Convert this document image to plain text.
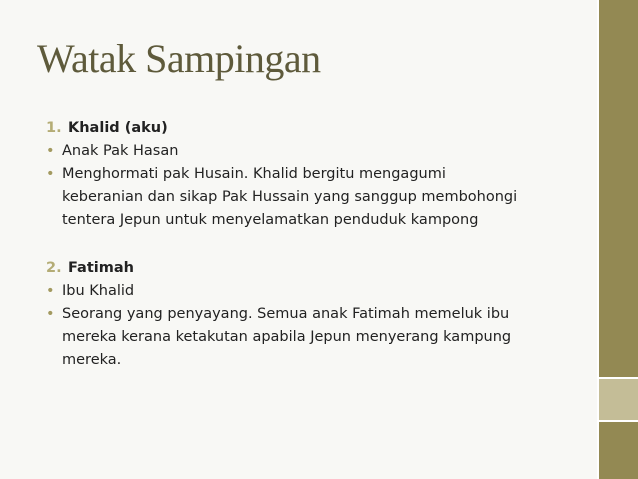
Watak Sampingan
1. Khalid (aku)
• Anak Pak Hasan
• Menghormati pak Husain. Khalid bergitu mengagumi
keberanian dan sikap Pak Hussain yang sanggup membohongi
tentera Jepun untuk menyelamatkan penduduk kampong
2. Fatimah
• Ibu Khalid
• Seorang yang penyayang. Semua anak Fatimah memeluk ibu
mereka kerana ketakutan apabila Jepun menyerang kampung
mereka.
